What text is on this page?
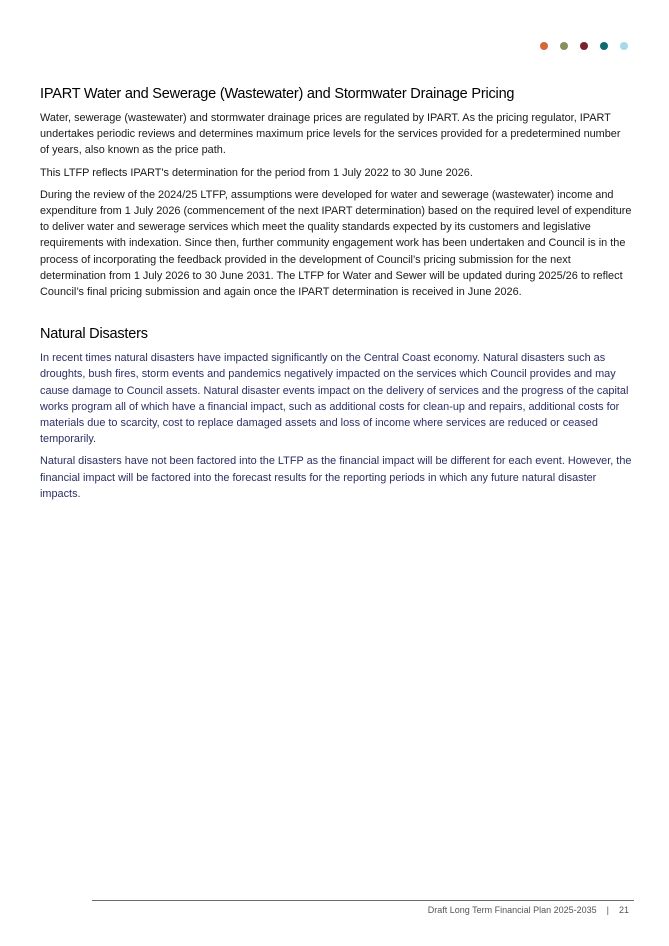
IPART Water and Sewerage (Wastewater) and Stormwater Drainage Pricing

Water, sewerage (wastewater) and stormwater drainage prices are regulated by IPART. As the pricing regulator, IPART undertakes periodic reviews and determines maximum price levels for the services provided for a predetermined number of years, also known as the price path.

This LTFP reflects IPART's determination for the period from 1 July 2022 to 30 June 2026.

During the review of the 2024/25 LTFP, assumptions were developed for water and sewerage (wastewater) income and expenditure from 1 July 2026 (commencement of the next IPART determination) based on the required level of expenditure to deliver water and sewerage services which meet the quality standards expected by its customers and legislative requirements with indexation. Since then, further community engagement work has been undertaken and Council is in the process of incorporating the feedback provided in the development of Council’s pricing submission for the next determination from 1 July 2026 to 30 June 2031. The LTFP for Water and Sewer will be updated during 2025/26 to reflect Council’s final pricing submission and again once the IPART determination is received in June 2026.

Natural Disasters

In recent times natural disasters have impacted significantly on the Central Coast economy. Natural disasters such as droughts, bush fires, storm events and pandemics negatively impacted on the services which Council provides and may cause damage to Council assets. Natural disaster events impact on the delivery of services and the progress of the capital works program all of which have a financial impact, such as additional costs for clean-up and repairs, additional costs for materials due to scarcity, cost to replace damaged assets and loss of income where services are reduced or ceased temporarily.

Natural disasters have not been factored into the LTFP as the financial impact will be different for each event. However, the financial impact will be factored into the forecast results for the reporting periods in which any future natural disaster impacts.

Draft Long Term Financial Plan 2025-2035 | 21
